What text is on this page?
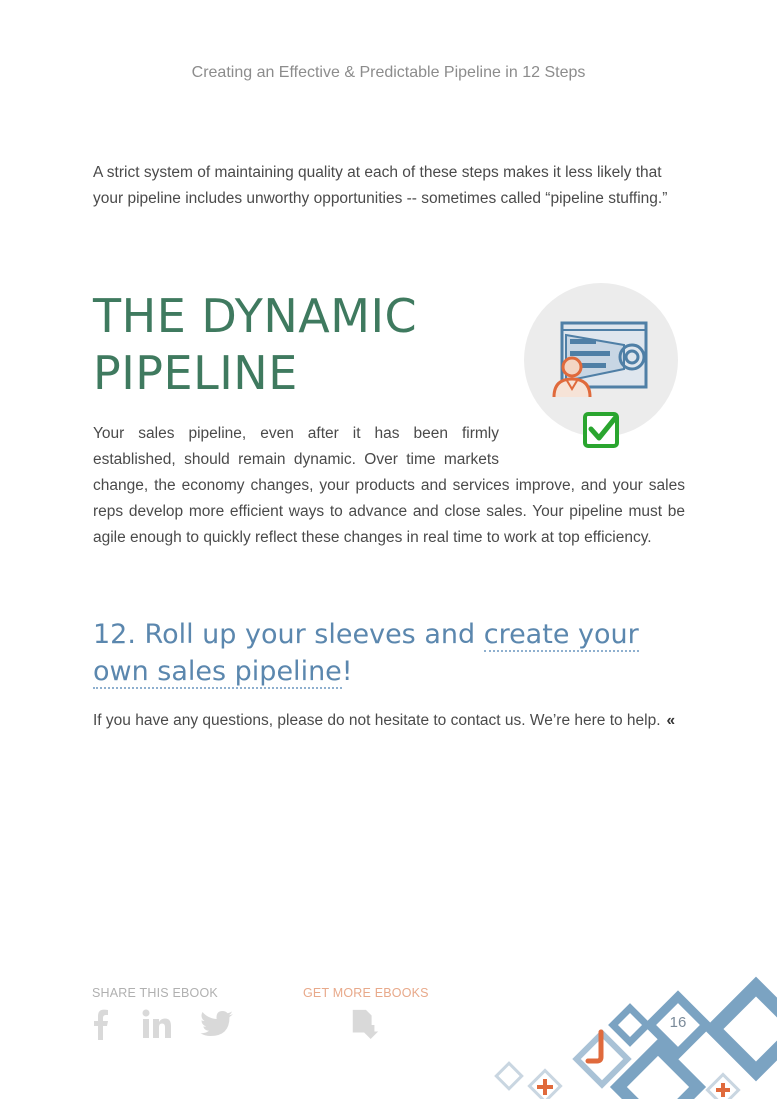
Creating an Effective & Predictable Pipeline in 12 Steps
A strict system of maintaining quality at each of these steps makes it less likely that your pipeline includes unworthy opportunities -- sometimes called “pipeline stuffing.”
THE DYNAMIC
PIPELINE

Your sales pipeline, even after it has been firmly established, should remain dynamic. Over time markets change, the economy changes, your products and services improve, and your sales reps develop more efficient ways to advance and close sales. Your pipeline must be agile enough to quickly reflect these changes in real time to work at top efficiency.

12. Roll up your sleeves and create your own sales pipeline!
If you have any questions, please do not hesitate to contact us. We’re here to help. «
SHARE THIS EBOOK	GET MORE EBOOKS
16
